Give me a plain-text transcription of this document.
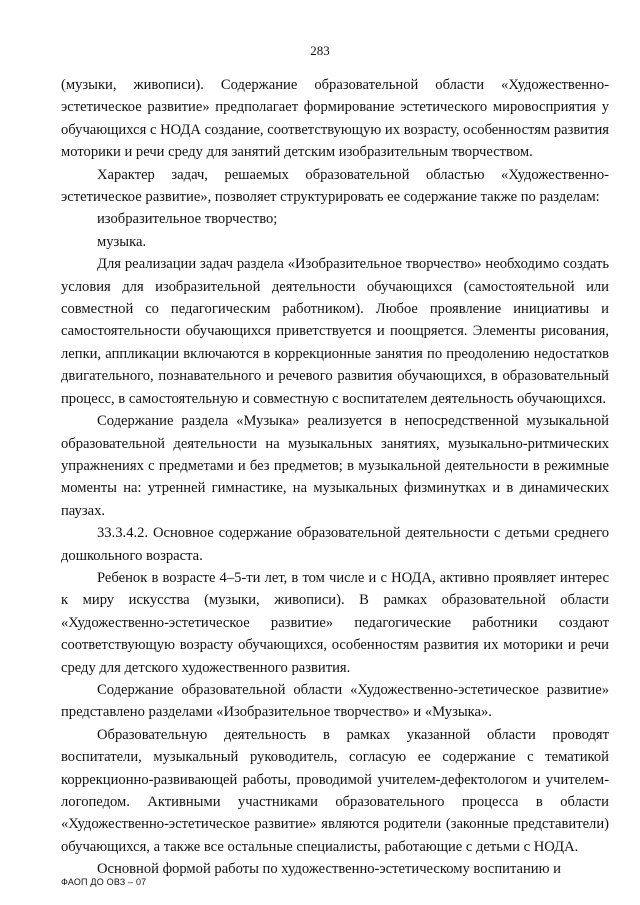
283

(музыки, живописи). Содержание образовательной области «Художественно-эстетическое развитие» предполагает формирование эстетического мировосприятия у обучающихся с НОДА создание, соответствующую их возрасту, особенностям развития моторики и речи среду для занятий детским изобразительным творчеством.

Характер задач, решаемых образовательной областью «Художественно-эстетическое развитие», позволяет структурировать ее содержание также по разделам:

изобразительное творчество;

музыка.

Для реализации задач раздела «Изобразительное творчество» необходимо создать условия для изобразительной деятельности обучающихся (самостоятельной или совместной со педагогическим работником). Любое проявление инициативы и самостоятельности обучающихся приветствуется и поощряется. Элементы рисования, лепки, аппликации включаются в коррекционные занятия по преодолению недостатков двигательного, познавательного и речевого развития обучающихся, в образовательный процесс, в самостоятельную и совместную с воспитателем деятельность обучающихся.

Содержание раздела «Музыка» реализуется в непосредственной музыкальной образовательной деятельности на музыкальных занятиях, музыкально-ритмических упражнениях с предметами и без предметов; в музыкальной деятельности в режимные моменты на: утренней гимнастике, на музыкальных физминутках и в динамических паузах.

33.3.4.2. Основное содержание образовательной деятельности с детьми среднего дошкольного возраста.

Ребенок в возрасте 4–5-ти лет, в том числе и с НОДА, активно проявляет интерес к миру искусства (музыки, живописи). В рамках образовательной области «Художественно-эстетическое развитие» педагогические работники создают соответствующую возрасту обучающихся, особенностям развития их моторики и речи среду для детского художественного развития.

Содержание образовательной области «Художественно-эстетическое развитие» представлено разделами «Изобразительное творчество» и «Музыка».

Образовательную деятельность в рамках указанной области проводят воспитатели, музыкальный руководитель, согласую ее содержание с тематикой коррекционно-развивающей работы, проводимой учителем-дефектологом и учителем-логопедом. Активными участниками образовательного процесса в области «Художественно-эстетическое развитие» являются родители (законные представители) обучающихся, а также все остальные специалисты, работающие с детьми с НОДА.

Основной формой работы по художественно-эстетическому воспитанию и

ФАОП ДО ОВЗ – 07
